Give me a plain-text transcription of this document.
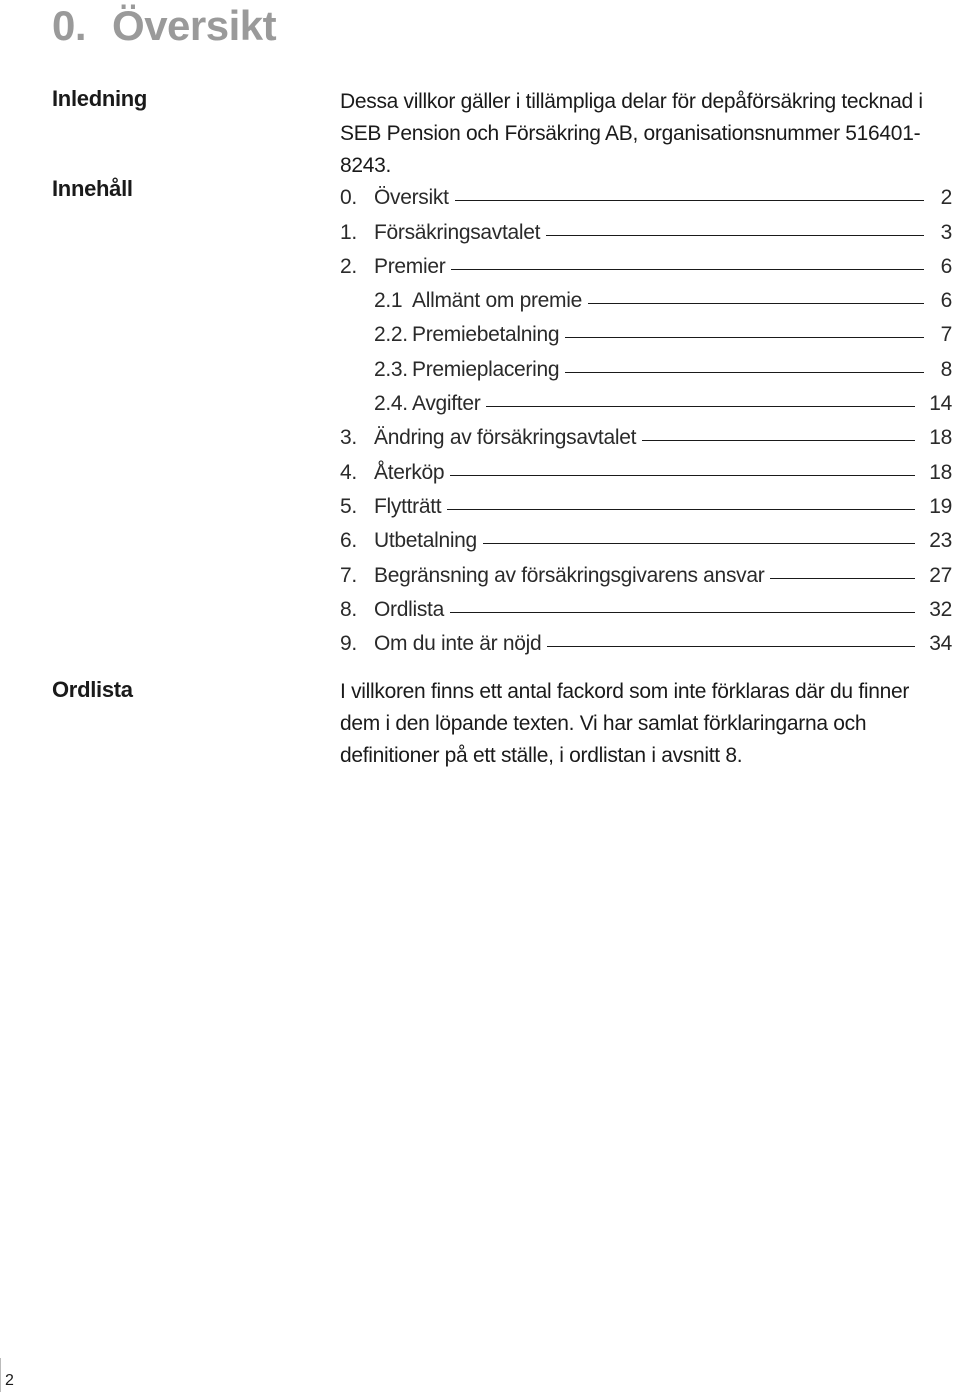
0. Översikt
Inledning	Dessa villkor gäller i tillämpliga delar för depåförsäkring tecknad i

SEB Pension och Försäkring AB, organisationsnummer 516401-8243.

Innehåll	0. Översikt	2
1. Försäkringsavtalet	3
2. Premier	6
2.1 Allmänt om premie	6
2.2. Premiebetalning	7
2.3. Premieplacering	8
2.4. Avgifter	14
3. Ändring av försäkringsavtalet	18
4. Återköp	18
5. Flytträtt	19
6. Utbetalning	23
7. Begränsning av försäkringsgivarens ansvar	27
8. Ordlista	32
9. Om du inte är nöjd	34
Ordlista	I villkoren finns ett antal fackord som inte förklaras där du finner

dem i den löpande texten. Vi har samlat förklaringarna och

definitioner på ett ställe, i ordlistan i avsnitt 8.

2
